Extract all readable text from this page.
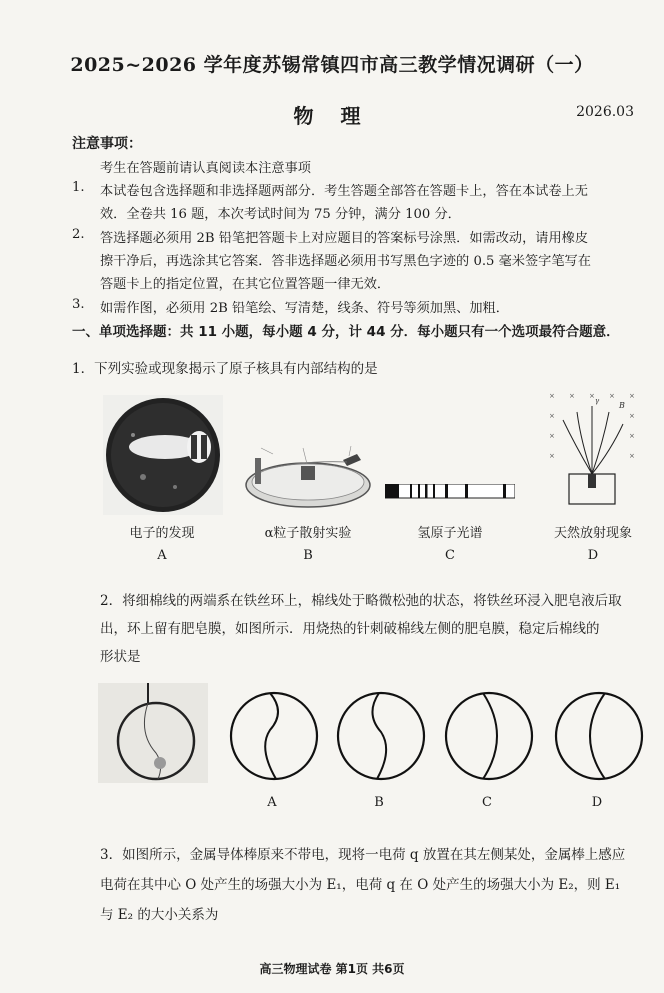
2025~2026 学年度苏锡常镇四市高三教学情况调研（一）
物 理	2026.03
注意事项：
考生在答题前请认真阅读本注意事项
1. 本试卷包含选择题和非选择题两部分．考生答题全部答在答题卡上，答在本试卷上无
效．全卷共 16 题，本次考试时间为 75 分钟，满分 100 分．
2. 答选择题必须用 2B 铅笔把答题卡上对应题目的答案标号涂黑．如需改动，请用橡皮
擦干净后，再选涂其它答案．答非选择题必须用书写黑色字迹的 0.5 毫米签字笔写在
答题卡上的指定位置，在其它位置答题一律无效．
3. 如需作图，必须用 2B 铅笔绘、写清楚，线条、符号等须加黑、加粗．
一、单项选择题：共 11 小题，每小题 4 分，计 44 分．每小题只有一个选项最符合题意．
1．下列实验或现象揭示了原子核具有内部结构的是
× × × × ×
×	×
×	×
×	×
B
γ
电子的发现	α粒子散射实验	氢原子光谱	天然放射现象
A	B	C	D
2．将细棉线的两端系在铁丝环上，棉线处于略微松弛的状态，将铁丝环浸入肥皂液后取
出，环上留有肥皂膜，如图所示．用烧热的针刺破棉线左侧的肥皂膜，稳定后棉线的
形状是
A	B	C	D
3．如图所示，金属导体棒原来不带电，现将一电荷 q 放置在其左侧某处，金属棒上感应
电荷在其中心 O 处产生的场强大小为 E₁，电荷 q 在 O 处产生的场强大小为 E₂，则 E₁
与 E₂ 的大小关系为
高三物理试卷 第1页 共6页
